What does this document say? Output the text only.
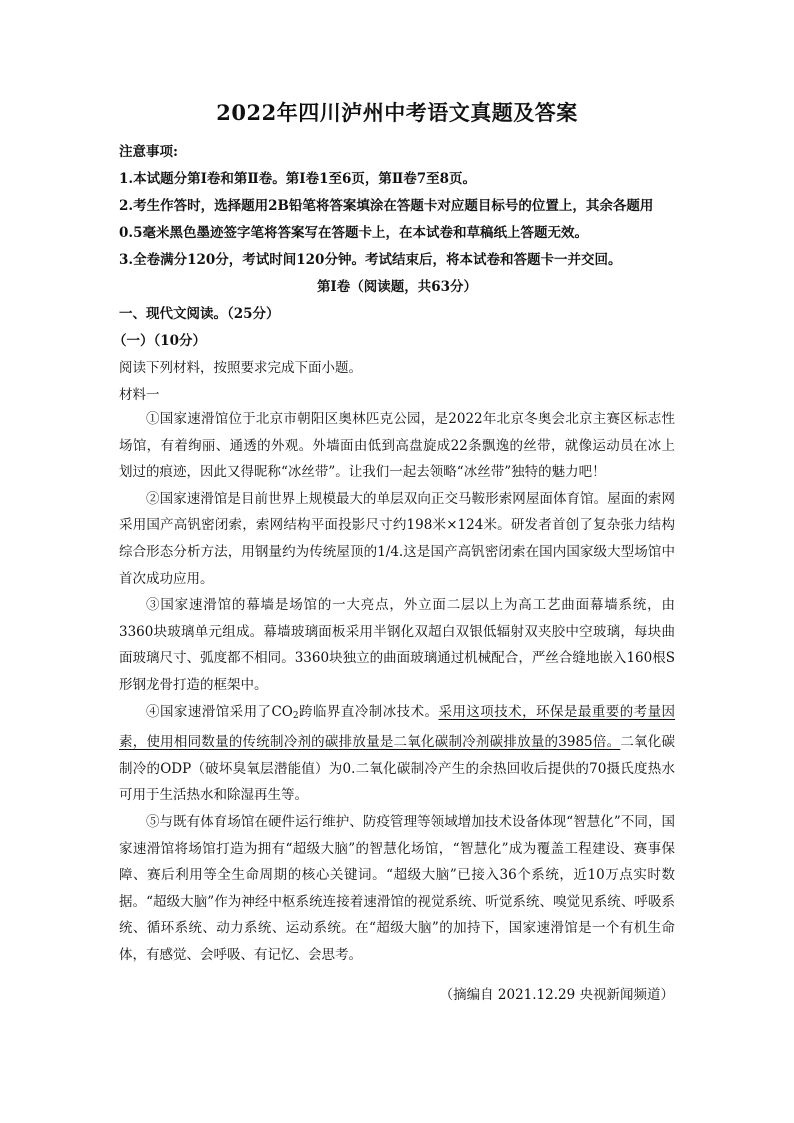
2022年四川泸州中考语文真题及答案
注意事项:
1.本试题分第Ⅰ卷和第Ⅱ卷。第Ⅰ卷1至6页，第Ⅱ卷7至8页。
2.考生作答时，选择题用2B铅笔将答案填涂在答题卡对应题目标号的位置上，其余各题用
0.5毫米黑色墨迹签字笔将答案写在答题卡上，在本试卷和草稿纸上答题无效。
3.全卷满分120分，考试时间120分钟。考试结束后，将本试卷和答题卡一并交回。
第Ⅰ卷（阅读题，共63分）
一、现代文阅读。（25分）
（一）（10分）
阅读下列材料，按照要求完成下面小题。
材料一

①国家速滑馆位于北京市朝阳区奥林匹克公园，是2022年北京冬奥会北京主赛区标志性场馆，有着绚丽、通透的外观。外墙面由低到高盘旋成22条飘逸的丝带，就像运动员在冰上划过的痕迹，因此又得昵称“冰丝带”。让我们一起去领略“冰丝带”独特的魅力吧！

②国家速滑馆是目前世界上规模最大的单层双向正交马鞍形索网屋面体育馆。屋面的索网采用国产高钒密闭索，索网结构平面投影尺寸约198米×124米。研发者首创了复杂张力结构综合形态分析方法，用钢量约为传统屋顶的1/4.这是国产高钒密闭索在国内国家级大型场馆中首次成功应用。

③国家速滑馆的幕墙是场馆的一大亮点，外立面二层以上为高工艺曲面幕墙系统，由3360块玻璃单元组成。幕墙玻璃面板采用半钢化双超白双银低辐射双夹胶中空玻璃，每块曲面玻璃尺寸、弧度都不相同。3360块独立的曲面玻璃通过机械配合，严丝合缝地嵌入160根S形钢龙骨打造的框架中。

④国家速滑馆采用了$CO_2$跨临界直冷制冰技术。采用这项技术，环保是最重要的考量因素，使用相同数量的传统制冷剂的碳排放量是二氧化碳制冷剂碳排放量的3985倍。二氧化碳制冷的ODP（破坏臭氧层潜能值）为0.二氧化碳制冷产生的余热回收后提供的70摄氏度热水可用于生活热水和除湿再生等。

⑤与既有体育场馆在硬件运行维护、防疫管理等领域增加技术设备体现“智慧化”不同，国家速滑馆将场馆打造为拥有“超级大脑”的智慧化场馆，“智慧化”成为覆盖工程建设、赛事保障、赛后利用等全生命周期的核心关键词。“超级大脑”已接入36个系统，近10万点实时数据。“超级大脑”作为神经中枢系统连接着速滑馆的视觉系统、听觉系统、嗅觉见系统、呼吸系统、循环系统、动力系统、运动系统。在“超级大脑”的加持下，国家速滑馆是一个有机生命体，有感觉、会呼吸、有记忆、会思考。

（摘编自 2021.12.29 央视新闻频道）
